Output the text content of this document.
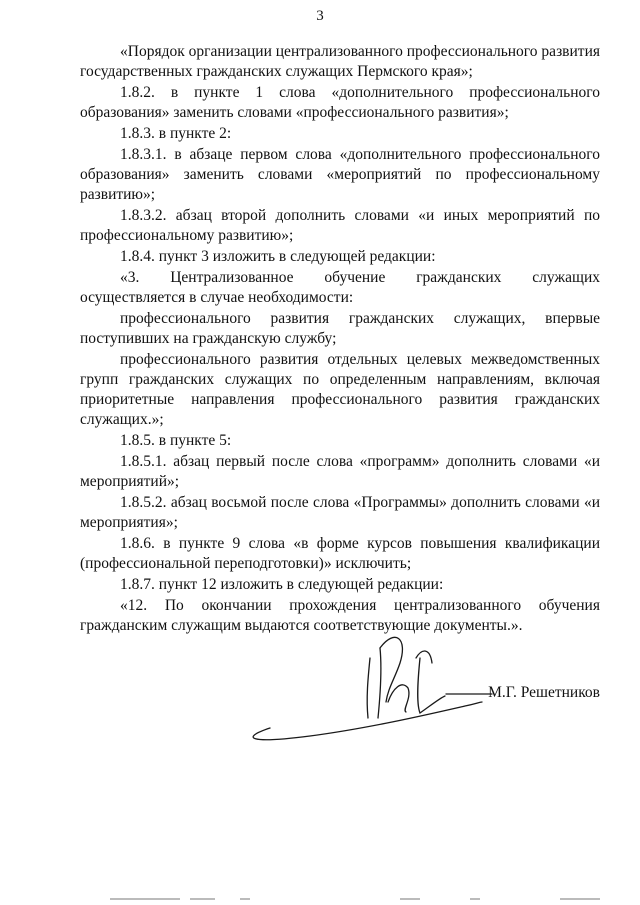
3

«Порядок организации централизованного профессионального развития государственных гражданских служащих Пермского края»;

1.8.2. в пункте 1 слова «дополнительного профессионального образования» заменить словами «профессионального развития»;

1.8.3. в пункте 2:

1.8.3.1. в абзаце первом слова «дополнительного профессионального образования» заменить словами «мероприятий по профессиональному развитию»;

1.8.3.2. абзац второй дополнить словами «и иных мероприятий по профессиональному развитию»;

1.8.4. пункт 3 изложить в следующей редакции:

«3. Централизованное обучение гражданских служащих осуществляется в случае необходимости:

профессионального развития гражданских служащих, впервые поступивших на гражданскую службу;

профессионального развития отдельных целевых межведомственных групп гражданских служащих по определенным направлениям, включая приоритетные направления профессионального развития гражданских служащих.»;

1.8.5. в пункте 5:

1.8.5.1. абзац первый после слова «программ» дополнить словами «и мероприятий»;

1.8.5.2. абзац восьмой после слова «Программы» дополнить словами «и мероприятия»;

1.8.6. в пункте 9 слова «в форме курсов повышения квалификации (профессиональной переподготовки)» исключить;

1.8.7. пункт 12 изложить в следующей редакции:

«12. По окончании прохождения централизованного обучения гражданским служащим выдаются соответствующие документы.».

М.Г. Решетников
